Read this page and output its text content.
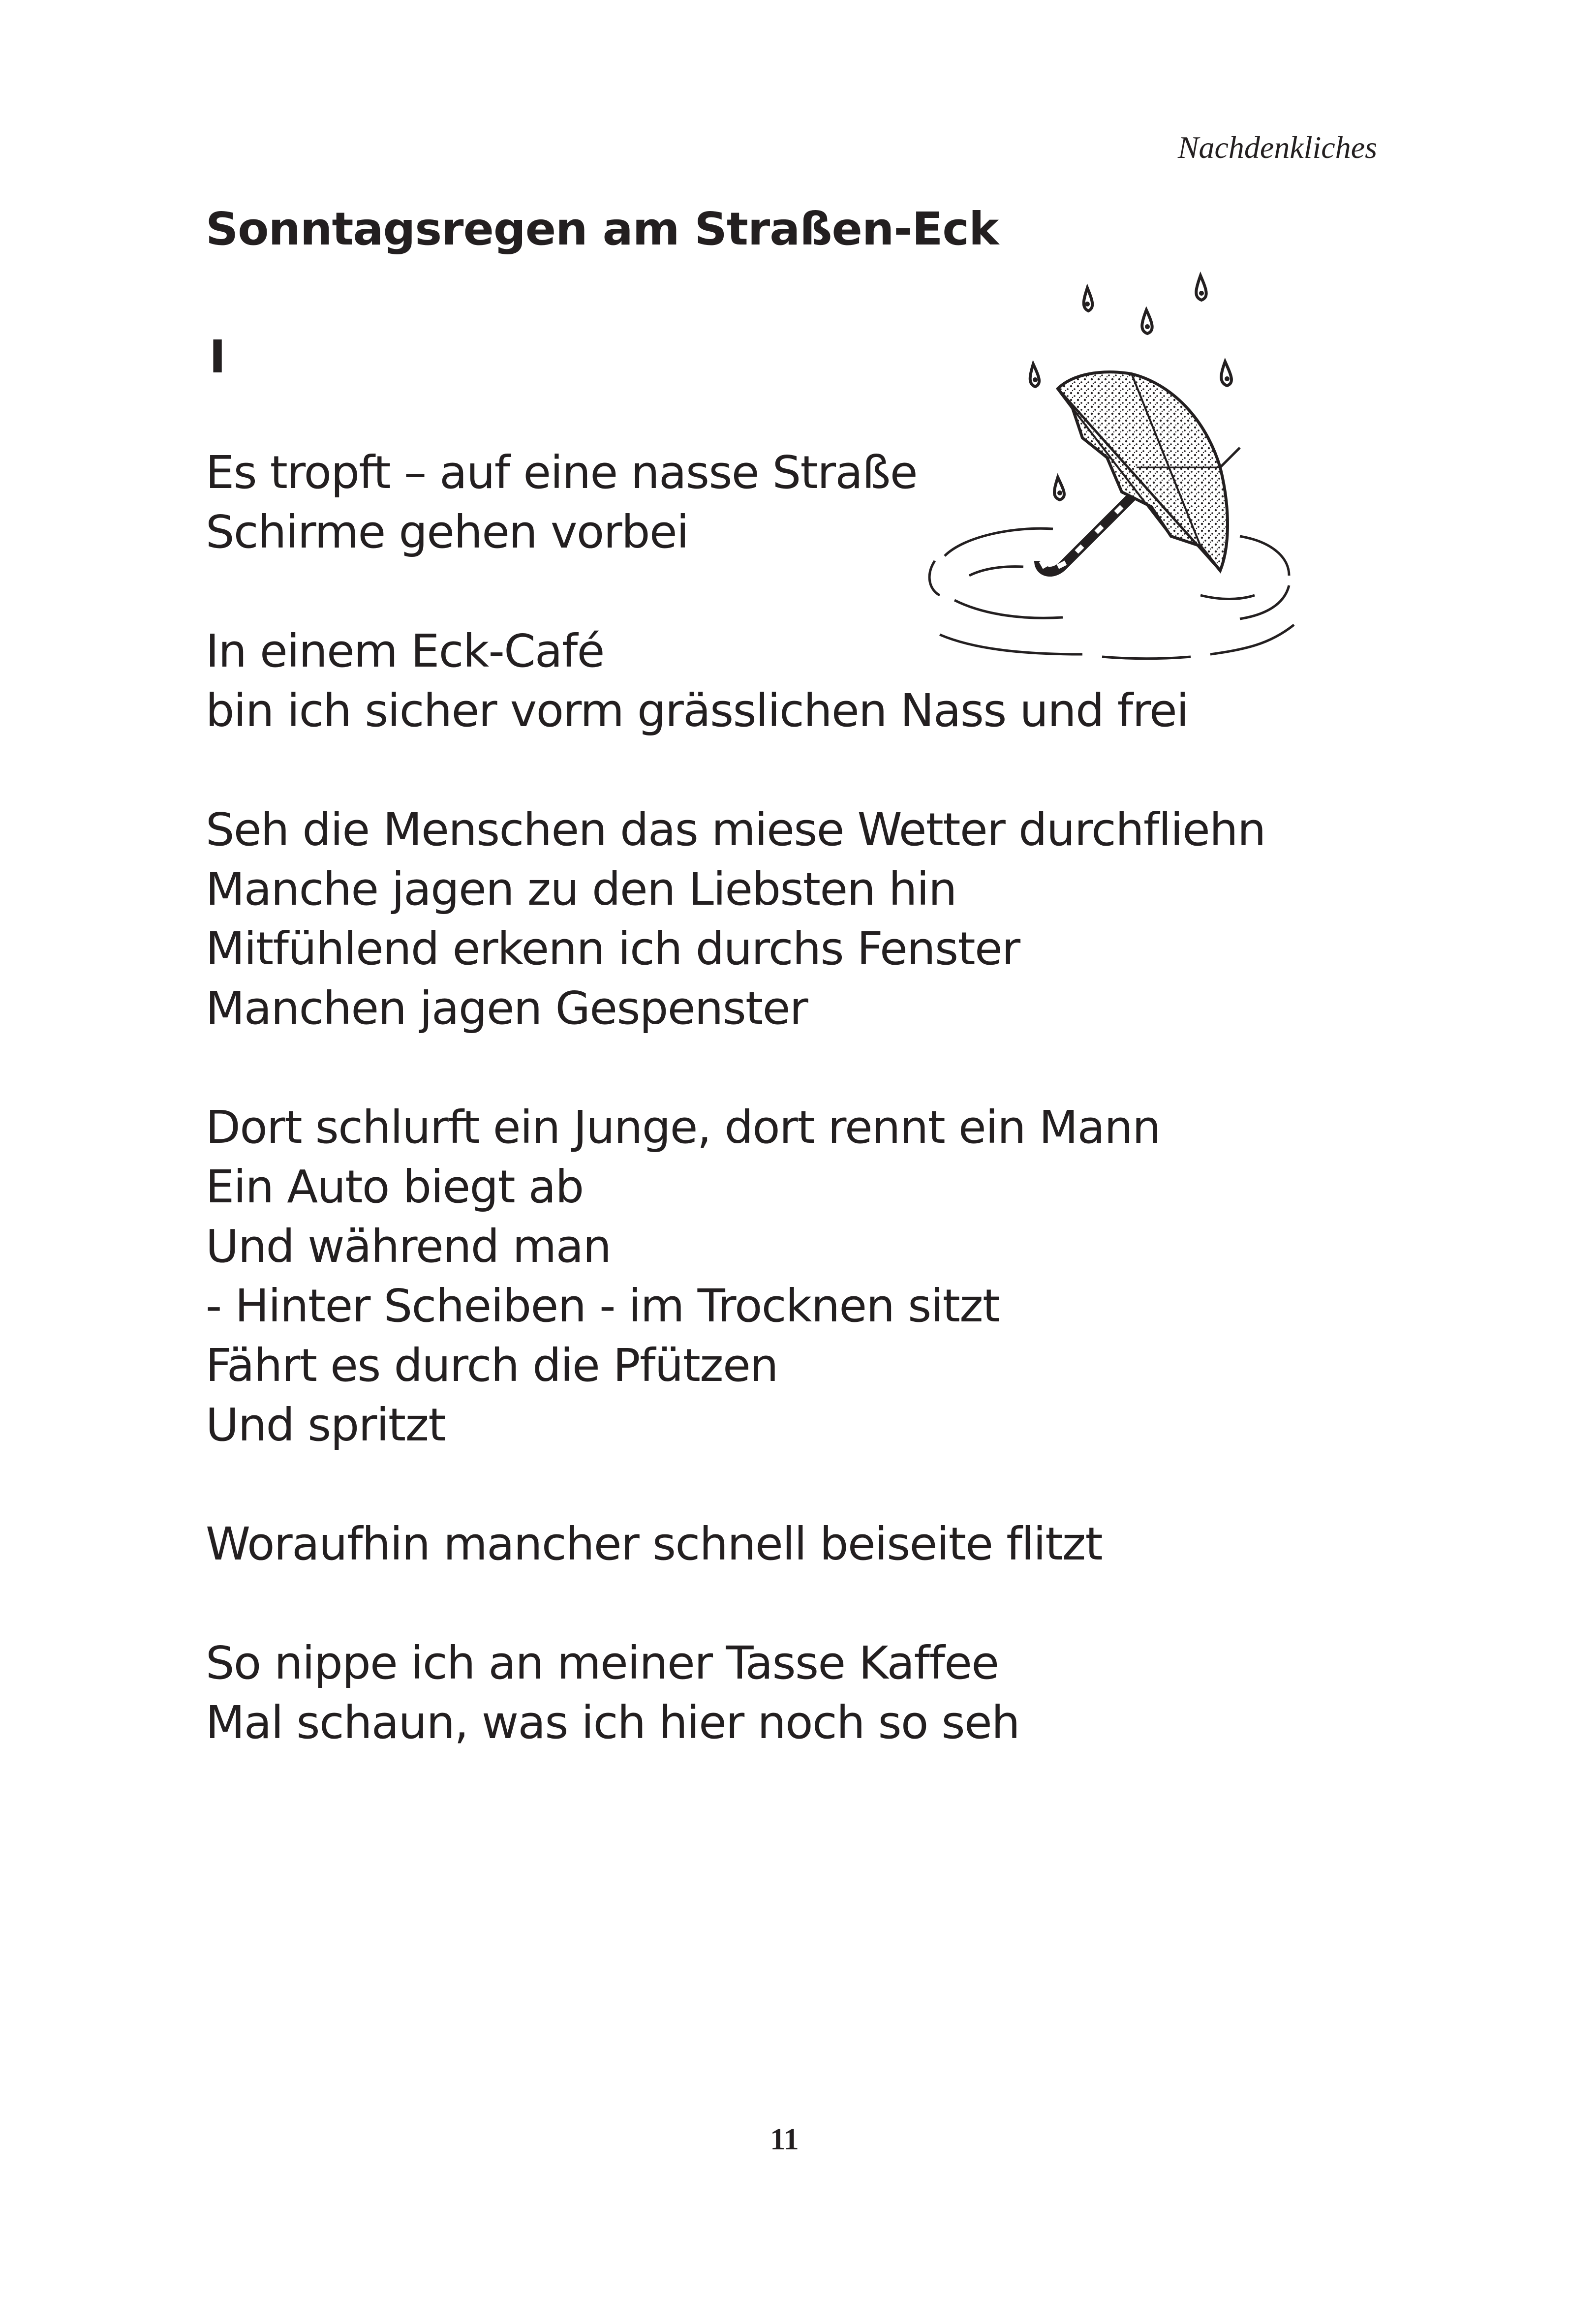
Nachdenkliches
Sonntagsregen am Straßen-Eck
I
Es tropft – auf eine nasse Straße
Schirme gehen vorbei
In einem Eck-Café
bin ich sicher vorm grässlichen Nass und frei
Seh die Menschen das miese Wetter durchfliehn
Manche jagen zu den Liebsten hin
Mitfühlend erkenn ich durchs Fenster
Manchen jagen Gespenster
Dort schlurft ein Junge, dort rennt ein Mann
Ein Auto biegt ab
Und während man
- Hinter Scheiben - im Trocknen sitzt
Fährt es durch die Pfützen
Und spritzt
Woraufhin mancher schnell beiseite flitzt
So nippe ich an meiner Tasse Kaffee
Mal schaun, was ich hier noch so seh
11
